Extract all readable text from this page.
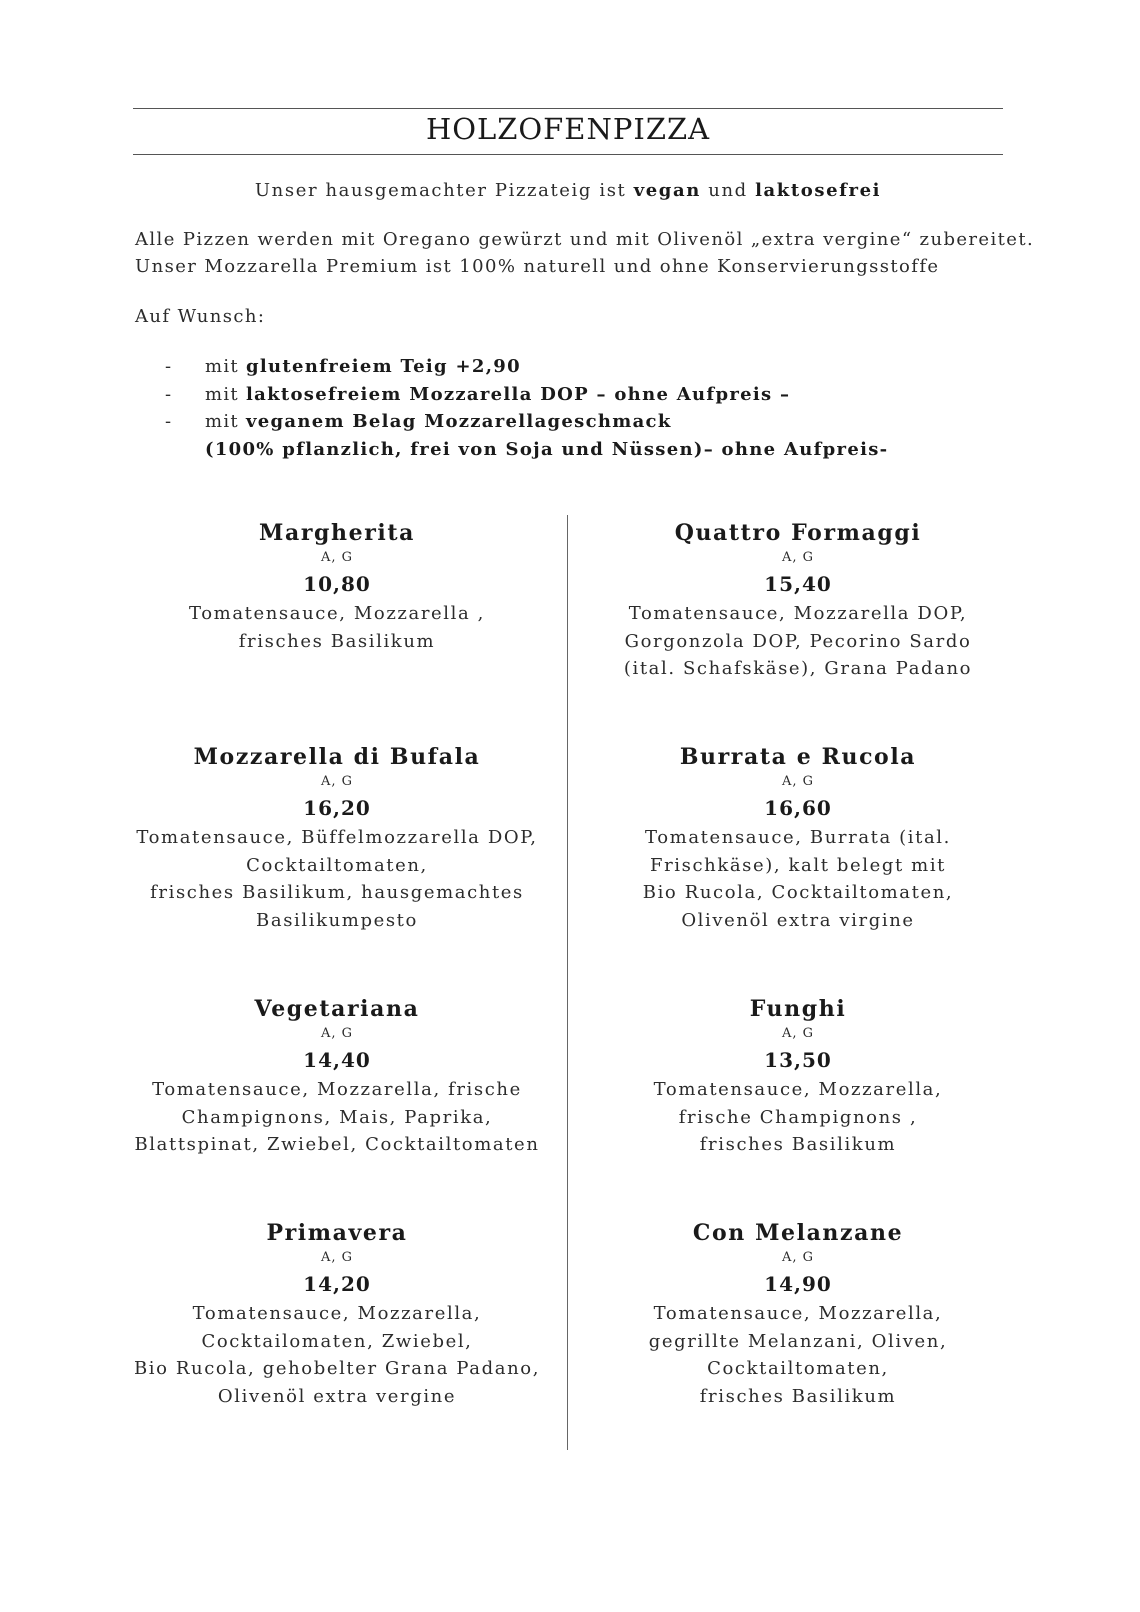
HOLZOFENPIZZA
Unser hausgemachter Pizzateig ist vegan und laktosefrei
Alle Pizzen werden mit Oregano gewürzt und mit Olivenöl „extra vergine“ zubereitet.
Unser Mozzarella Premium ist 100% naturell und ohne Konservierungsstoffe
Auf Wunsch:
- mit glutenfreiem Teig +2,90
- mit laktosefreiem Mozzarella DOP – ohne Aufpreis –
- mit veganem Belag Mozzarellageschmack
(100% pflanzlich, frei von Soja und Nüssen)– ohne Aufpreis-
Margherita
A, G
10,80
Tomatensauce, Mozzarella ,
frisches Basilikum
Quattro Formaggi
A, G
15,40
Tomatensauce, Mozzarella DOP,
Gorgonzola DOP, Pecorino Sardo
(ital. Schafskäse), Grana Padano
Mozzarella di Bufala
A, G
16,20
Tomatensauce, Büffelmozzarella DOP,
Cocktailtomaten,
frisches Basilikum, hausgemachtes
Basilikumpesto
Burrata e Rucola
A, G
16,60
Tomatensauce, Burrata (ital.
Frischkäse), kalt belegt mit
Bio Rucola, Cocktailtomaten,
Olivenöl extra virgine
Vegetariana
A, G
14,40
Tomatensauce, Mozzarella, frische
Champignons, Mais, Paprika,
Blattspinat, Zwiebel, Cocktailtomaten
Funghi
A, G
13,50
Tomatensauce, Mozzarella,
frische Champignons ,
frisches Basilikum
Primavera
A, G
14,20
Tomatensauce, Mozzarella,
Cocktailomaten, Zwiebel,
Bio Rucola, gehobelter Grana Padano,
Olivenöl extra vergine
Con Melanzane
A, G
14,90
Tomatensauce, Mozzarella,
gegrillte Melanzani, Oliven,
Cocktailtomaten,
frisches Basilikum
